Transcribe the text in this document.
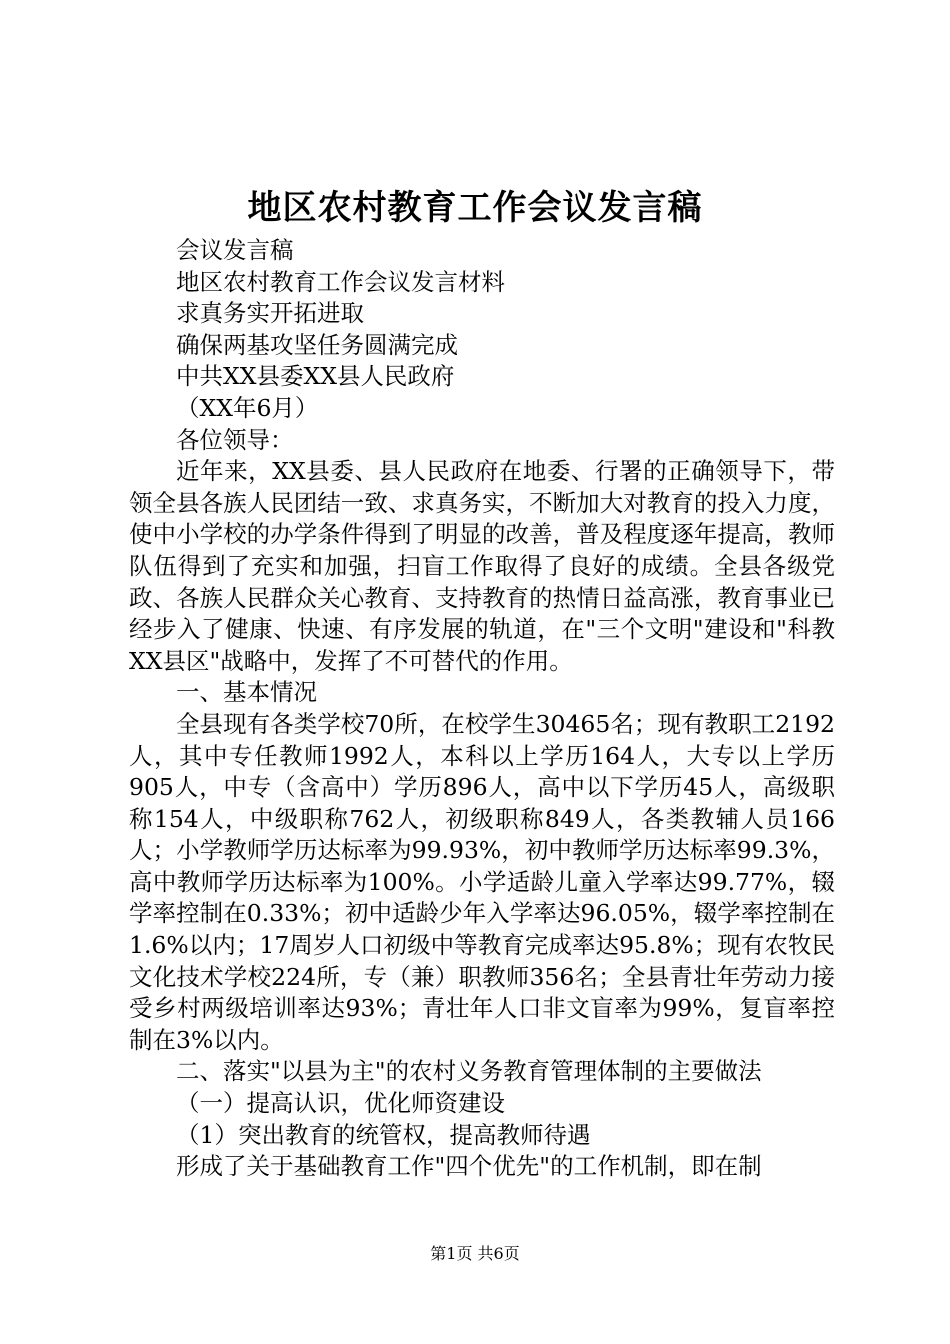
地区农村教育工作会议发言稿

会议发言稿

地区农村教育工作会议发言材料

求真务实开拓进取

确保两基攻坚任务圆满完成

中共XX县委XX县人民政府

（XX年6月）

各位领导：

近年来，XX县委、县人民政府在地委、行署的正确领导下，带领全县各族人民团结一致、求真务实，不断加大对教育的投入力度，使中小学校的办学条件得到了明显的改善，普及程度逐年提高，教师队伍得到了充实和加强，扫盲工作取得了良好的成绩。全县各级党政、各族人民群众关心教育、支持教育的热情日益高涨，教育事业已经步入了健康、快速、有序发展的轨道，在"三个文明"建设和"科教XX县区"战略中，发挥了不可替代的作用。

一、基本情况

全县现有各类学校70所，在校学生30465名；现有教职工2192人，其中专任教师1992人，本科以上学历164人，大专以上学历905人，中专（含高中）学历896人，高中以下学历45人，高级职称154人，中级职称762人，初级职称849人，各类教辅人员166人；小学教师学历达标率为99.93%，初中教师学历达标率99.3%，高中教师学历达标率为100%。小学适龄儿童入学率达99.77%，辍学率控制在0.33%；初中适龄少年入学率达96.05%，辍学率控制在1.6%以内；17周岁人口初级中等教育完成率达95.8%；现有农牧民文化技术学校224所，专（兼）职教师356名；全县青壮年劳动力接受乡村两级培训率达93%；青壮年人口非文盲率为99%，复盲率控制在3%以内。

二、落实"以县为主"的农村义务教育管理体制的主要做法

（一）提高认识，优化师资建设

（1）突出教育的统管权，提高教师待遇

形成了关于基础教育工作"四个优先"的工作机制，即在制

第1页 共6页
